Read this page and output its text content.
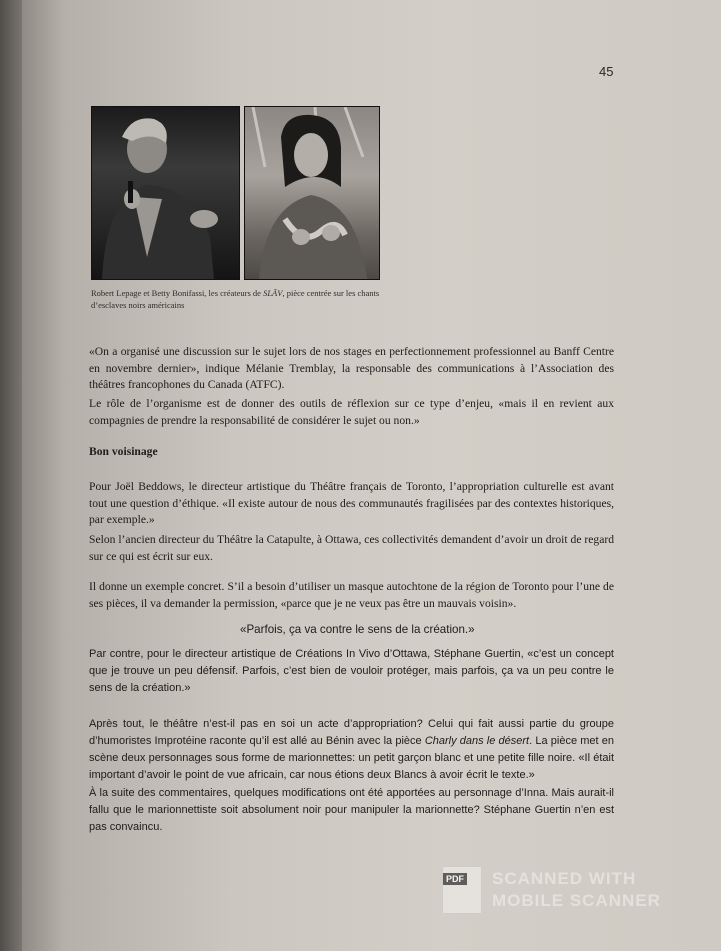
45
Robert Lepage et Betty Bonifassi, les créateurs de SLĀV, pièce centrée sur les chants d’esclaves noirs américains

«On a organisé une discussion sur le sujet lors de nos stages en perfectionnement professionnel au Banff Centre en novembre dernier», indique Mélanie Tremblay, la responsable des communications à l’Association des théâtres francophones du Canada (ATFC).

Le rôle de l’organisme est de donner des outils de réflexion sur ce type d’enjeu, «mais il en revient aux compagnies de prendre la responsabilité de considérer le sujet ou non.»

Bon voisinage

Pour Joël Beddows, le directeur artistique du Théâtre français de Toronto, l’appropriation culturelle est avant tout une question d’éthique. «Il existe autour de nous des communautés fragilisées par des contextes historiques, par exemple.»

Selon l’ancien directeur du Théâtre la Catapulte, à Ottawa, ces collectivités demandent d’avoir un droit de regard sur ce qui est écrit sur eux.

Il donne un exemple concret. S’il a besoin d’utiliser un masque autochtone de la région de Toronto pour l’une de ses pièces, il va demander la permission, «parce que je ne veux pas être un mauvais voisin».

«Parfois, ça va contre le sens de la création.»

Par contre, pour le directeur artistique de Créations In Vivo d’Ottawa, Stéphane Guertin, «c’est un concept que je trouve un peu défensif. Parfois, c’est bien de vouloir protéger, mais parfois, ça va un peu contre le sens de la création.»

Après tout, le théâtre n’est-il pas en soi un acte d’appropriation? Celui qui fait aussi partie du groupe d’humoristes Improtéine raconte qu’il est allé au Bénin avec la pièce Charly dans le désert. La pièce met en scène deux personnages sous forme de marionnettes: un petit garçon blanc et une petite fille noire. «Il était important d’avoir le point de vue africain, car nous étions deux Blancs à avoir écrit le texte.»

À la suite des commentaires, quelques modifications ont été apportées au personnage d’Inna. Mais aurait-il fallu que le marionnettiste soit absolument noir pour manipuler la marionnette? Stéphane Guertin n’en est pas convaincu.

PDF SCANNED WITH
MOBILE SCANNER
